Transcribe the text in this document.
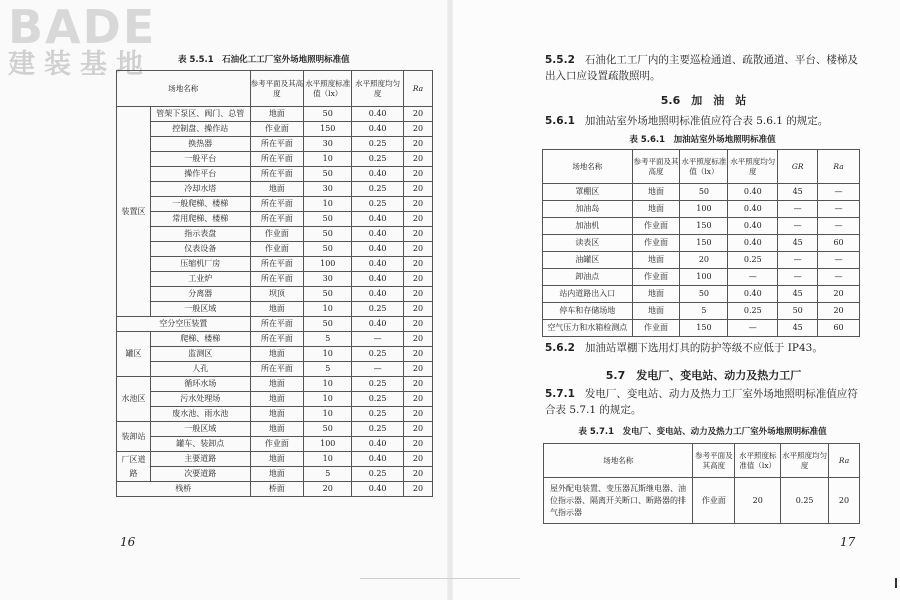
BADE
建装基地	表 5.5.1　石油化工工厂室外场地照明标准值
场地名称		参考平面及其高度	水平照度标准值（lx）	水平照度均匀度	Ra
装置区	管架下泵区、阀门、总管	地面	50	0.40	20
	控制盘、操作站	作业面	150	0.40	20
	换热器	所在平面	30	0.25	20
	一般平台	所在平面	10	0.25	20
	操作平台	所在平面	50	0.40	20
	冷却水塔	地面	30	0.25	20
	一般爬梯、楼梯	所在平面	10	0.25	20
	常用爬梯、楼梯	所在平面	50	0.40	20
	指示表盘	作业面	50	0.40	20
	仪表设备	作业面	50	0.40	20
	压缩机厂房	所在平面	100	0.40	20
	工业炉	所在平面	30	0.40	20
	分离器	坝顶	50	0.40	20
	一般区域	地面	10	0.25	20
空分空压装置		所在平面	50	0.40	20
罐区	爬梯、楼梯	所在平面	5	—	20
	监测区	地面	10	0.25	20
	人孔	所在平面	5	—	20
水池区	循环水场	地面	10	0.25	20
	污水处理场	地面	10	0.25	20
	废水池、雨水池	地面	10	0.25	20
装卸站	一般区域	地面	50	0.25	20
	罐车、装卸点	作业面	100	0.40	20
厂区道路	主要道路	地面	10	0.40	20
	次要道路	地面	5	0.25	20
栈桥		桥面	20	0.40	20
16
5.5.2 石油化工工厂内的主要巡检通道、疏散通道、平台、楼梯及出入口应设置疏散照明。
5.6　加　油　站
5.6.1 加油站室外场地照明标准值应符合表 5.6.1 的规定。
表 5.6.1　加油站室外场地照明标准值
场地名称	参考平面及其高度	水平照度标准值（lx）	水平照度均匀度	GR	Ra
罩棚区	地面	50	0.40	45	—
加油岛	地面	100	0.40	—	—
加油机	作业面	150	0.40	—	—
读表区	作业面	150	0.40	45	60
油罐区	地面	20	0.25	—	—
卸油点	作业面	100	—	—	—
站内道路出入口	地面	50	0.40	45	20
停车和存储场地	地面	5	0.25	50	20
空气压力和水箱检测点	作业面	150	—	45	60
5.6.2 加油站罩棚下选用灯具的防护等级不应低于 IP43。
5.7　发电厂、变电站、动力及热力工厂
5.7.1 发电厂、变电站、动力及热力工厂室外场地照明标准值应符合表 5.7.1 的规定。
表 5.7.1　发电厂、变电站、动力及热力工厂室外场地照明标准值
场地名称	参考平面及其高度	水平照度标准值（lx）	水平照度均匀度	Ra
屋外配电装置、变压器瓦斯继电器、油位指示器、隔离开关断口、断路器的排气指示器	作业面	20	0.25	20
17
